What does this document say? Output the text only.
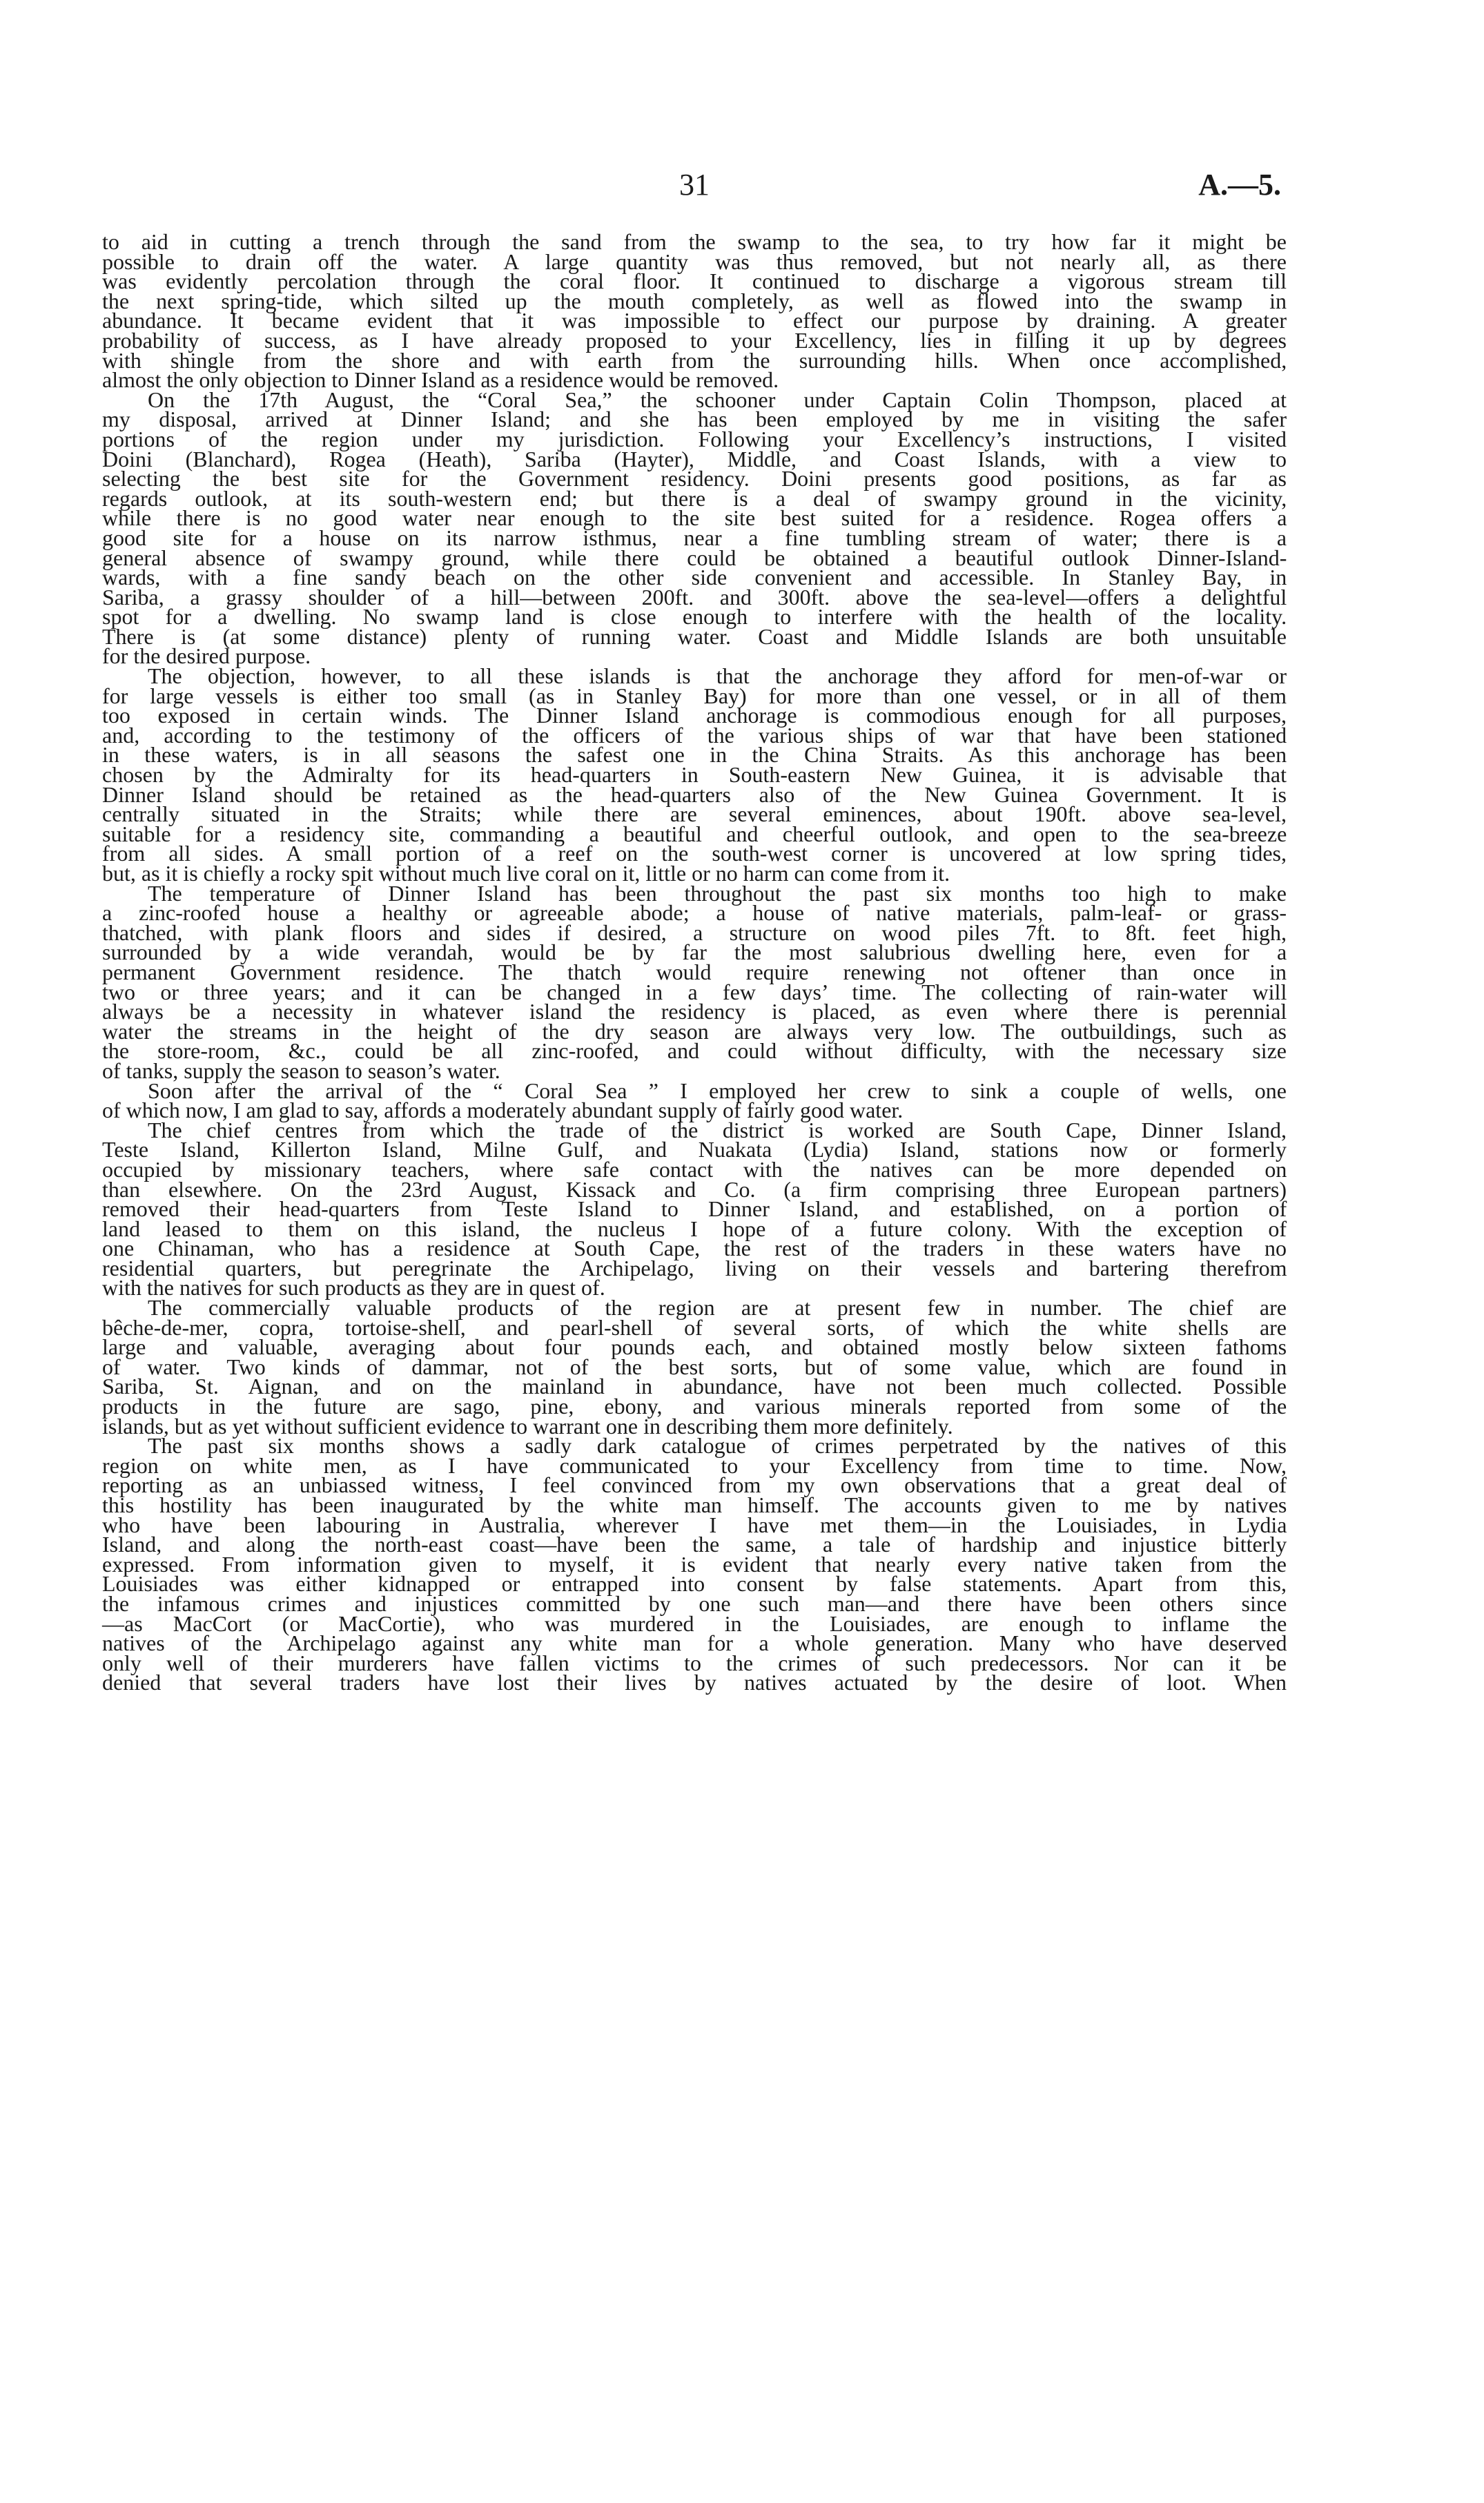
31	A.—5.

to aid in cutting a trench through the sand from the swamp to the sea, to try how far it might be
possible to drain off the water. A large quantity was thus removed, but not nearly all, as there
was evidently percolation through the coral floor. It continued to discharge a vigorous stream till
the next spring-tide, which silted up the mouth completely, as well as flowed into the swamp in
abundance. It became evident that it was impossible to effect our purpose by draining. A greater
probability of success, as I have already proposed to your Excellency, lies in filling it up by degrees
with shingle from the shore and with earth from the surrounding hills. When once accomplished,
almost the only objection to Dinner Island as a residence would be removed.

On the 17th August, the “Coral Sea,” the schooner under Captain Colin Thompson, placed at
my disposal, arrived at Dinner Island; and she has been employed by me in visiting the safer
portions of the region under my jurisdiction. Following your Excellency’s instructions, I visited
Doini (Blanchard), Rogea (Heath), Sariba (Hayter), Middle, and Coast Islands, with a view to
selecting the best site for the Government residency. Doini presents good positions, as far as
regards outlook, at its south-western end; but there is a deal of swampy ground in the vicinity,
while there is no good water near enough to the site best suited for a residence. Rogea offers a
good site for a house on its narrow isthmus, near a fine tumbling stream of water; there is a
general absence of swampy ground, while there could be obtained a beautiful outlook Dinner-Island-
wards, with a fine sandy beach on the other side convenient and accessible. In Stanley Bay, in
Sariba, a grassy shoulder of a hill—between 200ft. and 300ft. above the sea-level—offers a delightful
spot for a dwelling. No swamp land is close enough to interfere with the health of the locality.
There is (at some distance) plenty of running water. Coast and Middle Islands are both unsuitable
for the desired purpose.

The objection, however, to all these islands is that the anchorage they afford for men-of-war or
for large vessels is either too small (as in Stanley Bay) for more than one vessel, or in all of them
too exposed in certain winds. The Dinner Island anchorage is commodious enough for all purposes,
and, according to the testimony of the officers of the various ships of war that have been stationed
in these waters, is in all seasons the safest one in the China Straits. As this anchorage has been
chosen by the Admiralty for its head-quarters in South-eastern New Guinea, it is advisable that
Dinner Island should be retained as the head-quarters also of the New Guinea Government. It is
centrally situated in the Straits; while there are several eminences, about 190ft. above sea-level,
suitable for a residency site, commanding a beautiful and cheerful outlook, and open to the sea-breeze
from all sides. A small portion of a reef on the south-west corner is uncovered at low spring tides,
but, as it is chiefly a rocky spit without much live coral on it, little or no harm can come from it.

The temperature of Dinner Island has been throughout the past six months too high to make
a zinc-roofed house a healthy or agreeable abode; a house of native materials, palm-leaf- or grass-
thatched, with plank floors and sides if desired, a structure on wood piles 7ft. to 8ft. feet high,
surrounded by a wide verandah, would be by far the most salubrious dwelling here, even for a
permanent Government residence. The thatch would require renewing not oftener than once in
two or three years; and it can be changed in a few days’ time. The collecting of rain-water will
always be a necessity in whatever island the residency is placed, as even where there is perennial
water the streams in the height of the dry season are always very low. The outbuildings, such as
the store-room, &c., could be all zinc-roofed, and could without difficulty, with the necessary size
of tanks, supply the season to season’s water.

Soon after the arrival of the “ Coral Sea ” I employed her crew to sink a couple of wells, one
of which now, I am glad to say, affords a moderately abundant supply of fairly good water.

The chief centres from which the trade of the district is worked are South Cape, Dinner Island,
Teste Island, Killerton Island, Milne Gulf, and Nuakata (Lydia) Island, stations now or formerly
occupied by missionary teachers, where safe contact with the natives can be more depended on
than elsewhere. On the 23rd August, Kissack and Co. (a firm comprising three European partners)
removed their head-quarters from Teste Island to Dinner Island, and established, on a portion of
land leased to them on this island, the nucleus I hope of a future colony. With the exception of
one Chinaman, who has a residence at South Cape, the rest of the traders in these waters have no
residential quarters, but peregrinate the Archipelago, living on their vessels and bartering therefrom
with the natives for such products as they are in quest of.

The commercially valuable products of the region are at present few in number. The chief are
bêche-de-mer, copra, tortoise-shell, and pearl-shell of several sorts, of which the white shells are
large and valuable, averaging about four pounds each, and obtained mostly below sixteen fathoms
of water. Two kinds of dammar, not of the best sorts, but of some value, which are found in
Sariba, St. Aignan, and on the mainland in abundance, have not been much collected. Possible
products in the future are sago, pine, ebony, and various minerals reported from some of the
islands, but as yet without sufficient evidence to warrant one in describing them more definitely.

The past six months shows a sadly dark catalogue of crimes perpetrated by the natives of this
region on white men, as I have communicated to your Excellency from time to time. Now,
reporting as an unbiassed witness, I feel convinced from my own observations that a great deal of
this hostility has been inaugurated by the white man himself. The accounts given to me by natives
who have been labouring in Australia, wherever I have met them—in the Louisiades, in Lydia
Island, and along the north-east coast—have been the same, a tale of hardship and injustice bitterly
expressed. From information given to myself, it is evident that nearly every native taken from the
Louisiades was either kidnapped or entrapped into consent by false statements. Apart from this,
the infamous crimes and injustices committed by one such man—and there have been others since
—as MacCort (or MacCortie), who was murdered in the Louisiades, are enough to inflame the
natives of the Archipelago against any white man for a whole generation. Many who have deserved
only well of their murderers have fallen victims to the crimes of such predecessors. Nor can it be
denied that several traders have lost their lives by natives actuated by the desire of loot. When
